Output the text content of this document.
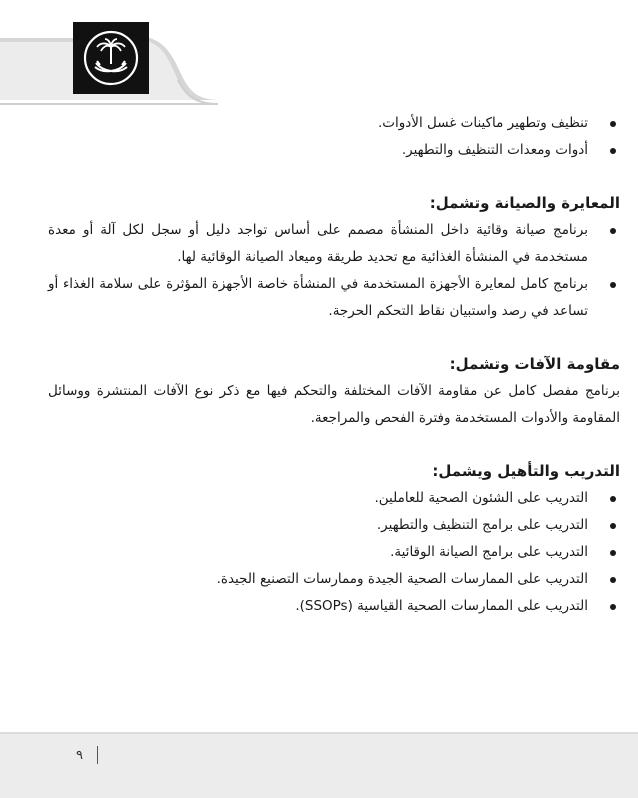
تنظيف وتطهير ماكينات غسل الأدوات.
أدوات ومعدات التنظيف والتطهير.
المعايرة والصيانة وتشمل:
برنامج صيانة وقائية داخل المنشأة مصمم على أساس تواجد دليل أو سجل لكل آلة أو معدة مستخدمة في المنشأة الغذائية مع تحديد طريقة وميعاد الصيانة الوقائية لها.
برنامج كامل لمعايرة الأجهزة المستخدمة في المنشأة خاصة الأجهزة المؤثرة على سلامة الغذاء أو تساعد في رصد واستبيان نقاط التحكم الحرجة.
مقاومة الآفات وتشمل:

برنامج مفصل كامل عن مقاومة الآفات المختلفة والتحكم فيها مع ذكر نوع الآفات المنتشرة ووسائل المقاومة والأدوات المستخدمة وفترة الفحص والمراجعة.

التدريب والتأهيل ويشمل:
التدريب على الشئون الصحية للعاملين.
التدريب على برامج التنظيف والتطهير.
التدريب على برامج الصيانة الوقائية.
التدريب على الممارسات الصحية الجيدة وممارسات التصنيع الجيدة.
التدريب على الممارسات الصحية القياسية (SSOPs).
٩
